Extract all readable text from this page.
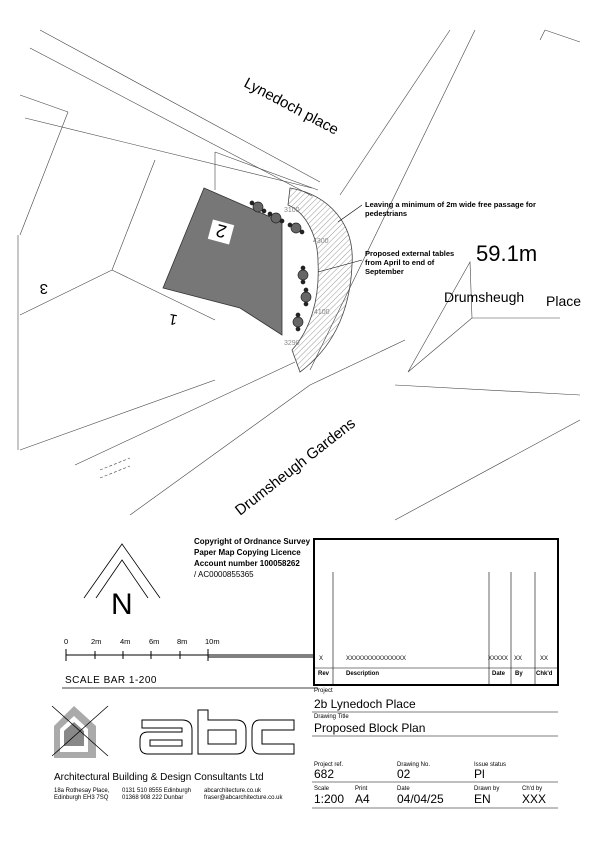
Lynedoch place
Drumsheugh Gardens
Drumsheugh Place
59.1m
2
3
1
3100
4300
4100
3290
Leaving a minimum of 2m wide free passage for pedestrians
Proposed external tables from April to end of September
Copyright of Ordnance Survey
Paper Map Copying Licence
Account number 100058262
/ AC0000855365
N
0	2m 4m 6m 8m 10m
SCALE BAR 1-200
X	XXXXXXXXXXXXXXX	XXXXX XX	XX
Rev	Description	Date By Chk'd
Architectural Building & Design Consultants Ltd
18a Rothesay Place,
Edinburgh EH3 7SQ
0131 510 8555 Edinburgh
01368 908 222 Dunbar
abcarchitecture.co.uk
fraser@abcarchitecture.co.uk
Project
2b Lynedoch Place
Drawing Title
Proposed Block Plan
Project ref.
682
Drawing No.
02
Issue status
Pl
Scale
1:200
Print
A4
Date
04/04/25
Drawn by
EN
Ch'd by
XXX
